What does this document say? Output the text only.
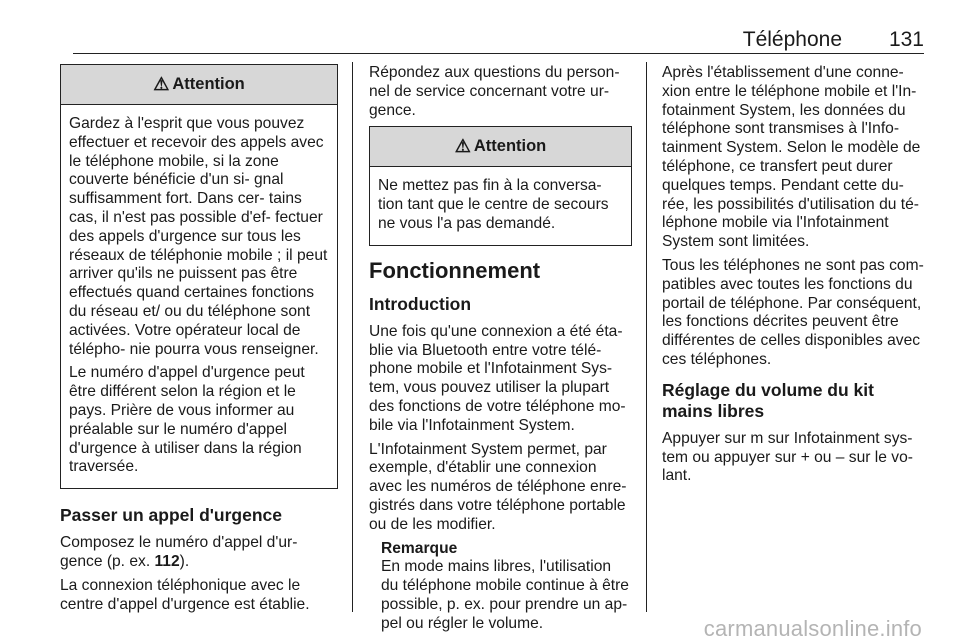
Téléphone 131
⚠ Attention

Gardez à l'esprit que vous pouvez effectuer et recevoir des appels avec le téléphone mobile, si la zone couverte bénéficie d'un si- gnal suffisamment fort. Dans cer- tains cas, il n'est pas possible d'ef- fectuer des appels d'urgence sur tous les réseaux de téléphonie mobile ; il peut arriver qu'ils ne puissent pas être effectués quand certaines fonctions du réseau et/ ou du téléphone sont activées. Votre opérateur local de télépho- nie pourra vous renseigner.

Le numéro d'appel d'urgence peut être différent selon la région et le pays. Prière de vous informer au préalable sur le numéro d'appel d'urgence à utiliser dans la région traversée.

Passer un appel d'urgence

Composez le numéro d'appel d'ur- gence (p. ex. 112).

La connexion téléphonique avec le centre d'appel d'urgence est établie.

Répondez aux questions du person- nel de service concernant votre ur- gence.

⚠ Attention

Ne mettez pas fin à la conversa- tion tant que le centre de secours ne vous l'a pas demandé.

Fonctionnement
Introduction

Une fois qu'une connexion a été éta- blie via Bluetooth entre votre télé- phone mobile et l'Infotainment Sys- tem, vous pouvez utiliser la plupart des fonctions de votre téléphone mo- bile via l'Infotainment System.

L'Infotainment System permet, par exemple, d'établir une connexion avec les numéros de téléphone enre- gistrés dans votre téléphone portable ou de les modifier.

Remarque

En mode mains libres, l'utilisation du téléphone mobile continue à être possible, p. ex. pour prendre un ap- pel ou régler le volume.

Après l'établissement d'une conne- xion entre le téléphone mobile et l'In- fotainment System, les données du téléphone sont transmises à l'Info- tainment System. Selon le modèle de téléphone, ce transfert peut durer quelques temps. Pendant cette du- rée, les possibilités d'utilisation du té- léphone mobile via l'Infotainment System sont limitées.

Tous les téléphones ne sont pas com- patibles avec toutes les fonctions du portail de téléphone. Par conséquent, les fonctions décrites peuvent être différentes de celles disponibles avec ces téléphones.

Réglage du volume du kit mains libres

Appuyer sur m sur Infotainment sys- tem ou appuyer sur + ou – sur le vo- lant.

carmanualsonline.info
